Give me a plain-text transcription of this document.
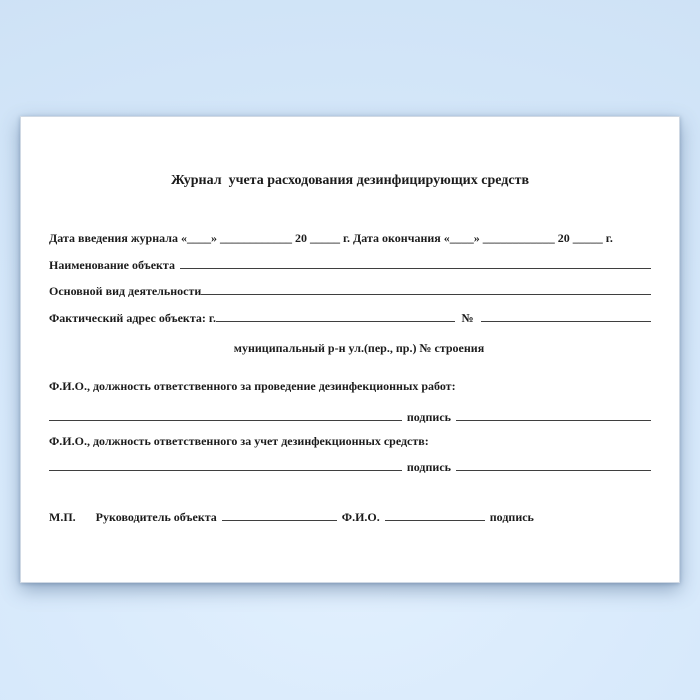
Журнал  учета расходования дезинфицирующих средств
Дата введения журнала «____» ____________ 20 _____ г. Дата окончания «____» ____________ 20 _____ г.
Наименование объекта
Основной вид деятельности
Фактический адрес объекта: г.	№

муниципальный р-н ул.(пер., пр.) № строения

Ф.И.О., должность ответственного за проведение дезинфекционных работ:
подпись
Ф.И.О., должность ответственного за учет дезинфекционных средств:
подпись
М.П. Руководитель объекта	Ф.И.О.	подпись
